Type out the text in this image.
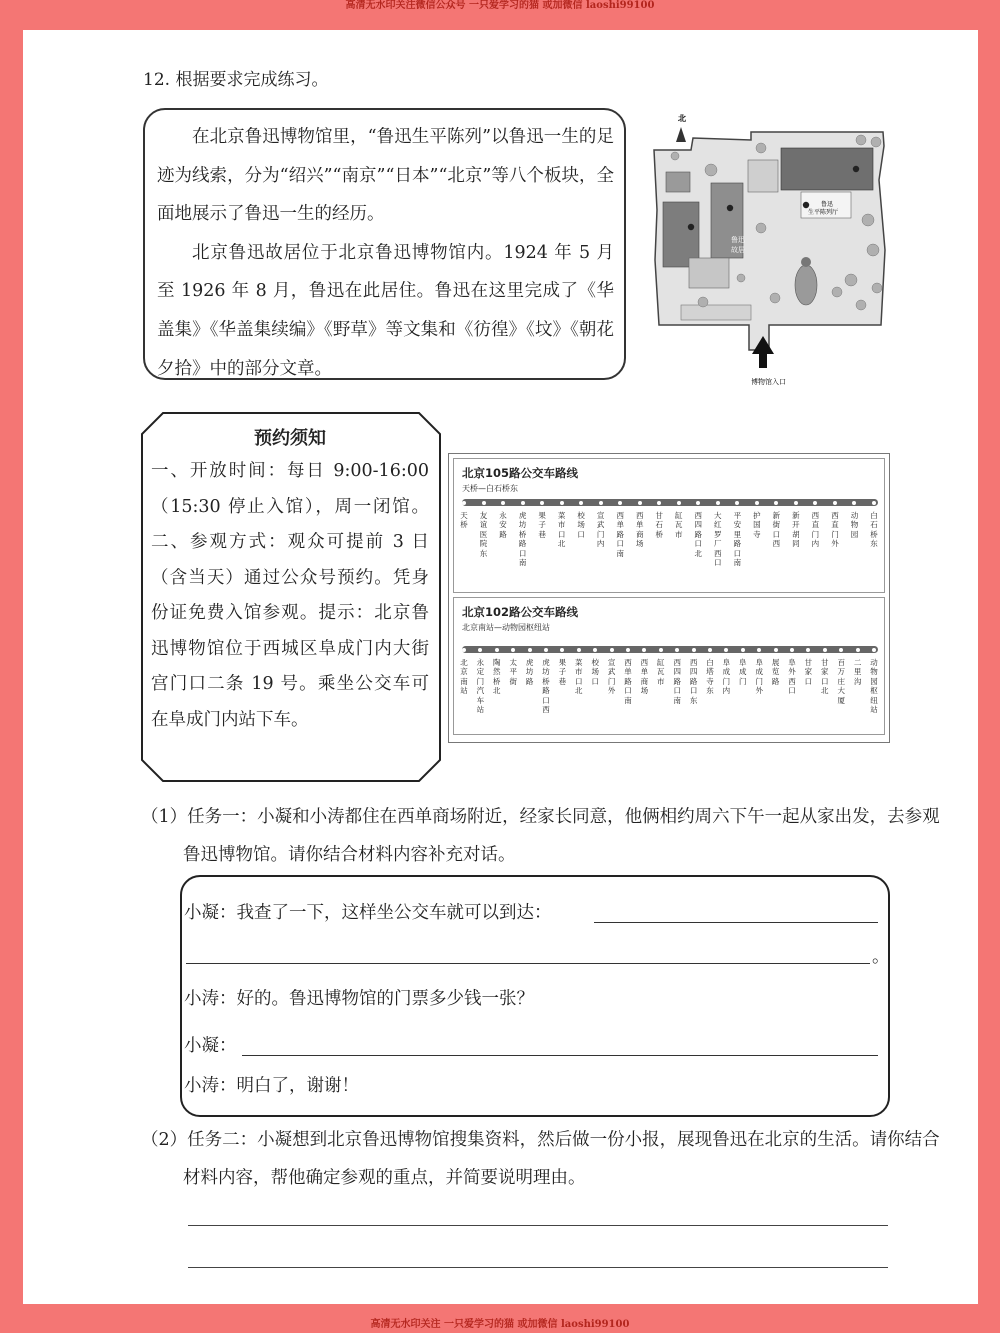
高清无水印关注微信公众号 一只爱学习的猫 或加微信 laoshi99100
12. 根据要求完成练习。

在北京鲁迅博物馆里，“鲁迅生平陈列”以鲁迅一生的足迹为线索，分为“绍兴”“南京”“日本”“北京”等八个板块，全面地展示了鲁迅一生的经历。

北京鲁迅故居位于北京鲁迅博物馆内。1924 年 5 月至 1926 年 8 月，鲁迅在此居住。鲁迅在这里完成了《华盖集》《华盖集续编》《野草》等文集和《彷徨》《坟》《朝花夕拾》中的部分文章。

北
鲁迅
故居
鲁迅
生平陈列厅
博物馆入口
预约须知

一、开放时间：每日 9:00-16:00（15:30 停止入馆），周一闭馆。二、参观方式：观众可提前 3 日（含当天）通过公众号预约。凭身份证免费入馆参观。提示：北京鲁迅博物馆位于西城区阜成门内大街宫门口二条 19 号。乘坐公交车可在阜成门内站下车。

北京105路公交车路线
天桥—白石桥东
天桥
友谊医院东
永安路
虎坊桥路口南
果子巷
菜市口北
校场口
宣武门内
西单路口南
西单商场
甘石桥
缸瓦市
西四路口北
大红罗厂西口
平安里路口南
护国寺
新街口西
新开胡同
西直门内
西直门外
动物园
白石桥东
北京102路公交车路线
北京南站—动物园枢纽站
北京南站
永定门汽车站
陶然桥北
太平街
虎坊路
虎坊桥路口西
果子巷
菜市口北
校场口
宣武门外
西单路口南
西单商场
缸瓦市
西四路口南
西四路口东
白塔寺东
阜成门内
阜成门
阜成门外
展览路
阜外西口
甘家口
甘家口北
百万庄大厦
二里沟
动物园枢纽站
（1）任务一：小凝和小涛都住在西单商场附近，经家长同意，他俩相约周六下午一起从家出发，去参观鲁迅博物馆。请你结合材料内容补充对话。
小凝：我查了一下，这样坐公交车就可以到达：
。
小涛：好的。鲁迅博物馆的门票多少钱一张？
小凝：
小涛：明白了，谢谢！
（2）任务二：小凝想到北京鲁迅博物馆搜集资料，然后做一份小报，展现鲁迅在北京的生活。请你结合材料内容，帮他确定参观的重点，并简要说明理由。
高清无水印关注 一只爱学习的猫 或加微信 laoshi99100
